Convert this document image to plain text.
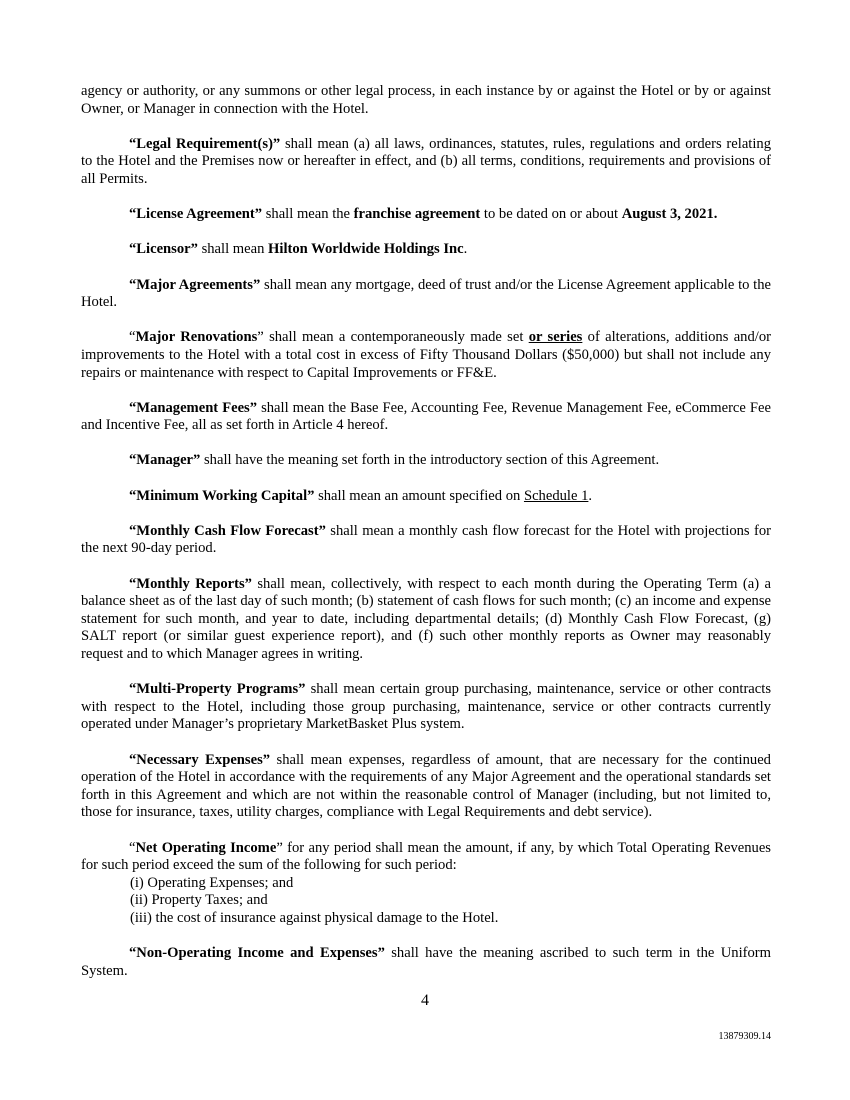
agency or authority, or any summons or other legal process, in each instance by or against the Hotel or by or against Owner, or Manager in connection with the Hotel.

“Legal Requirement(s)” shall mean (a) all laws, ordinances, statutes, rules, regulations and orders relating to the Hotel and the Premises now or hereafter in effect, and (b) all terms, conditions, requirements and provisions of all Permits.

“License Agreement” shall mean the franchise agreement to be dated on or about August 3, 2021.

“Licensor” shall mean Hilton Worldwide Holdings Inc.

“Major Agreements” shall mean any mortgage, deed of trust and/or the License Agreement applicable to the Hotel.

“Major Renovations” shall mean a contemporaneously made set or series of alterations, additions and/or improvements to the Hotel with a total cost in excess of Fifty Thousand Dollars ($50,000) but shall not include any repairs or maintenance with respect to Capital Improvements or FF&E.

“Management Fees” shall mean the Base Fee, Accounting Fee, Revenue Management Fee, eCommerce Fee and Incentive Fee, all as set forth in Article 4 hereof.

“Manager” shall have the meaning set forth in the introductory section of this Agreement.

“Minimum Working Capital” shall mean an amount specified on Schedule 1.

“Monthly Cash Flow Forecast” shall mean a monthly cash flow forecast for the Hotel with projections for the next 90-day period.

“Monthly Reports” shall mean, collectively, with respect to each month during the Operating Term (a) a balance sheet as of the last day of such month; (b) statement of cash flows for such month; (c) an income and expense statement for such month, and year to date, including departmental details; (d) Monthly Cash Flow Forecast, (g) SALT report (or similar guest experience report), and (f) such other monthly reports as Owner may reasonably request and to which Manager agrees in writing.

“Multi-Property Programs” shall mean certain group purchasing, maintenance, service or other contracts with respect to the Hotel, including those group purchasing, maintenance, service or other contracts currently operated under Manager’s proprietary MarketBasket Plus system.

“Necessary Expenses” shall mean expenses, regardless of amount, that are necessary for the continued operation of the Hotel in accordance with the requirements of any Major Agreement and the operational standards set forth in this Agreement and which are not within the reasonable control of Manager (including, but not limited to, those for insurance, taxes, utility charges, compliance with Legal Requirements and debt service).

“Net Operating Income” for any period shall mean the amount, if any, by which Total Operating Revenues for such period exceed the sum of the following for such period:

(i) Operating Expenses; and
(ii) Property Taxes; and
(iii) the cost of insurance against physical damage to the Hotel.

“Non-Operating Income and Expenses” shall have the meaning ascribed to such term in the Uniform System.

4
13879309.14
